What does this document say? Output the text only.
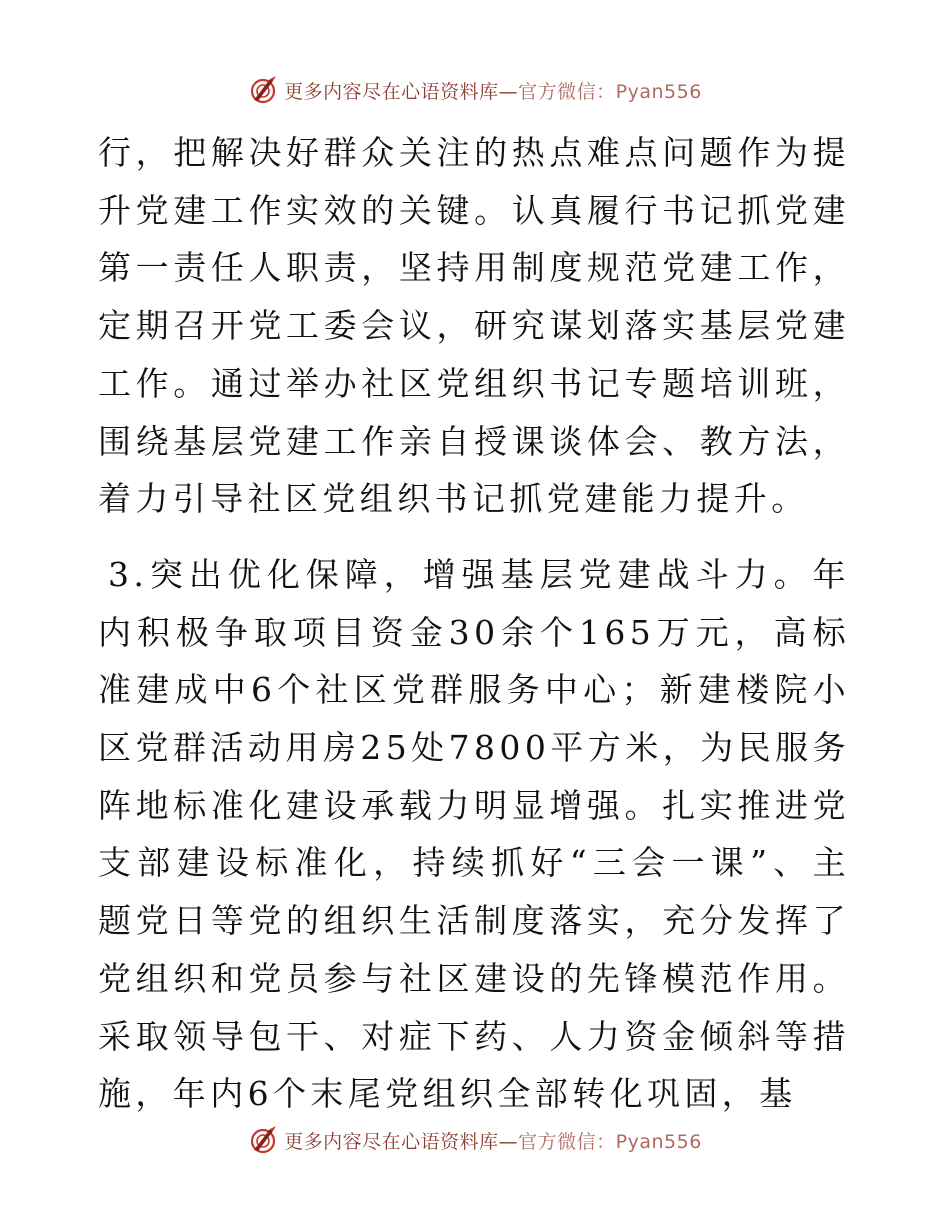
更多内容尽在心语资料库—官方微信：Pyan556

行，把解决好群众关注的热点难点问题作为提升党建工作实效的关键。认真履行书记抓党建第一责任人职责，坚持用制度规范党建工作，定期召开党工委会议，研究谋划落实基层党建工作。通过举办社区党组织书记专题培训班，围绕基层党建工作亲自授课谈体会、教方法，着力引导社区党组织书记抓党建能力提升。

3.突出优化保障，增强基层党建战斗力。年内积极争取项目资金30余个165万元，高标准建成中6个社区党群服务中心；新建楼院小区党群活动用房25处7800平方米，为民服务阵地标准化建设承载力明显增强。扎实推进党支部建设标准化，持续抓好“三会一课”、主题党日等党的组织生活制度落实，充分发挥了党组织和党员参与社区建设的先锋模范作用。采取领导包干、对症下药、人力资金倾斜等措施，年内6个末尾党组织全部转化巩固，基

更多内容尽在心语资料库—官方微信：Pyan556
